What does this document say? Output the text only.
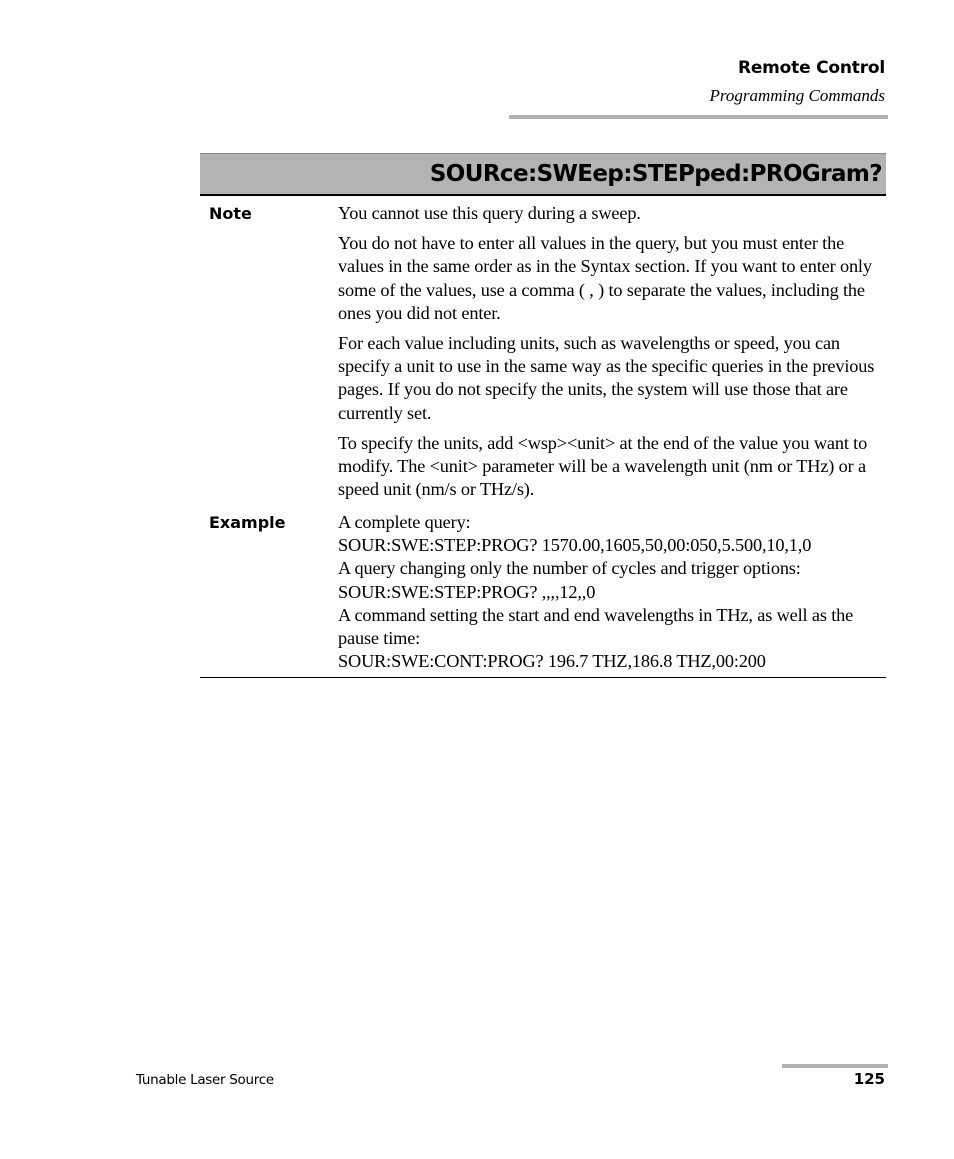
Remote Control
Programming Commands
SOURce:SWEep:STEPped:PROGram?
Note	You cannot use this query during a sweep.

You do not have to enter all values in the query, but you must enter the values in the same order as in the Syntax section. If you want to enter only some of the values, use a comma ( , ) to separate the values, including the ones you did not enter.

For each value including units, such as wavelengths or speed, you can specify a unit to use in the same way as the specific queries in the previous pages. If you do not specify the units, the system will use those that are currently set.

To specify the units, add <wsp><unit> at the end of the value you want to modify. The <unit> parameter will be a wavelength unit (nm or THz) or a speed unit (nm/s or THz/s).

Example	A complete query:
SOUR:SWE:STEP:PROG? 1570.00,1605,50,00:050,5.500,10,1,0
A query changing only the number of cycles and trigger options:
SOUR:SWE:STEP:PROG? ,,,,12,,0
A command setting the start and end wavelengths in THz, as well as the pause time:
SOUR:SWE:CONT:PROG? 196.7 THZ,186.8 THZ,00:200
Tunable Laser Source	125
